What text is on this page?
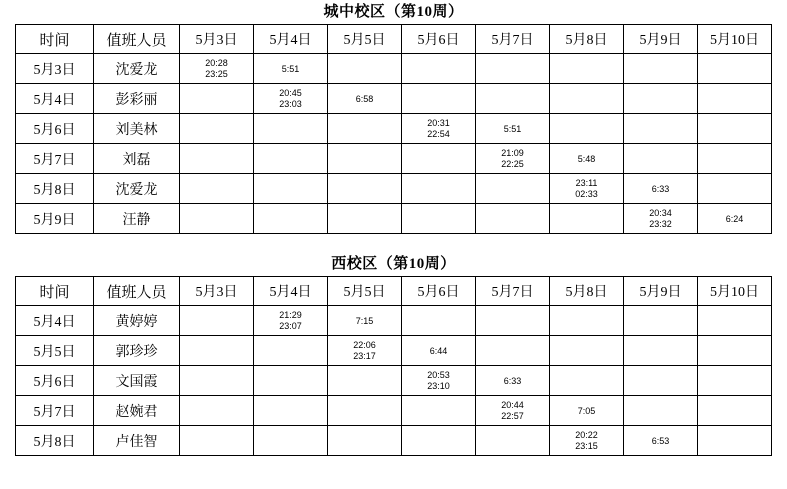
城中校区（第10周）
时间	值班人员	5月3日	5月4日	5月5日	5月6日	5月7日	5月8日	5月9日	5月10日
5月3日	沈爱龙	20:28
23:25	5:51						

5月4日	彭彩丽		20:45
23:03	6:58					

5月6日	刘美林				20:31
22:54	5:51			

5月7日	刘磊					21:09
22:25	5:48		

5月8日	沈爱龙						23:11
02:33	6:33	

5月9日	汪静							20:34
23:32	6:24
西校区（第10周）
时间	值班人员	5月3日	5月4日	5月5日	5月6日	5月7日	5月8日	5月9日	5月10日
5月4日	黄婷婷		21:29
23:07	7:15					

5月5日	郭珍珍			22:06
23:17	6:44				

5月6日	文国霞				20:53
23:10	6:33			

5月7日	赵婉君					20:44
22:57	7:05		

5月8日	卢佳智						20:22
23:15	6:53	
